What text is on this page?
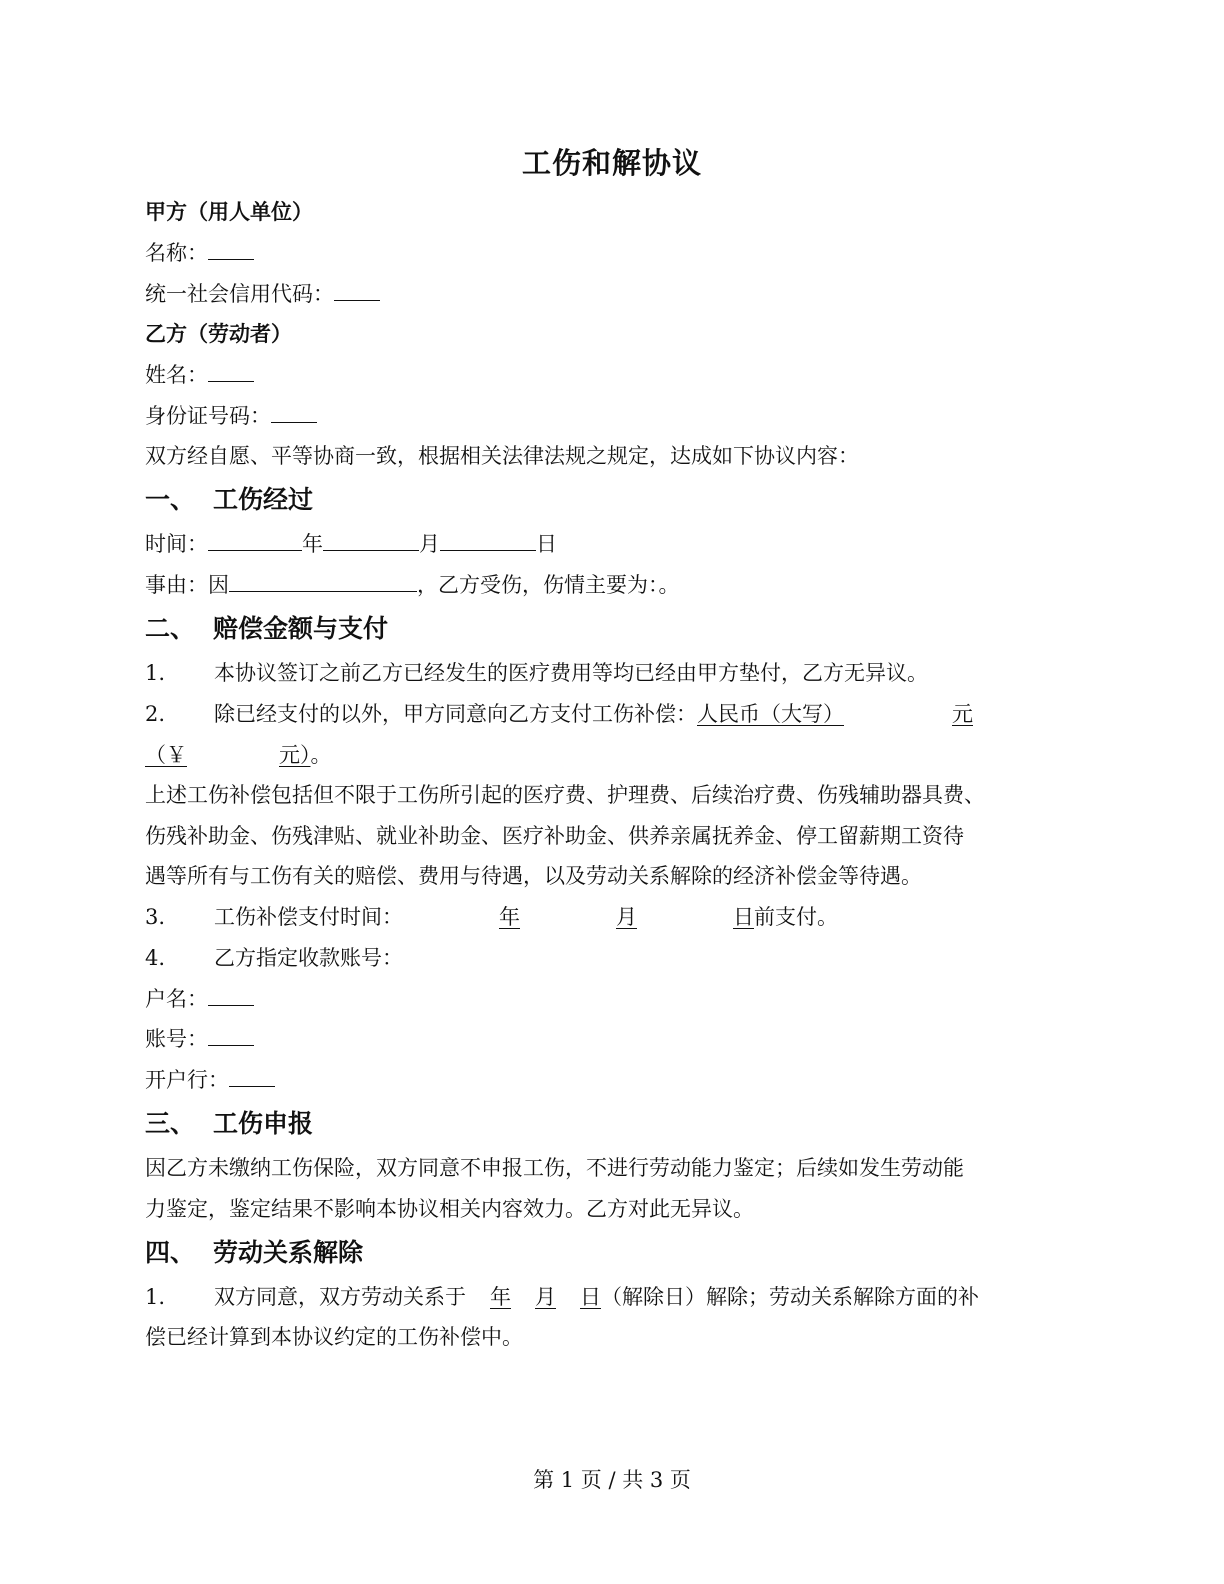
工伤和解协议
甲方（用人单位）
名称：
统一社会信用代码：
乙方（劳动者）
姓名：
身份证号码：
双方经自愿、平等协商一致，根据相关法律法规之规定，达成如下协议内容：
一、 工伤经过
时间：	年	月	日
事由：因	，乙方受伤，伤情主要为：。
二、 赔偿金额与支付
1. 本协议签订之前乙方已经发生的医疗费用等均已经由甲方垫付，乙方无异议。
2. 除已经支付的以外，甲方同意向乙方支付工伤补偿：人民币（大写）	元
（￥	元）。
上述工伤补偿包括但不限于工伤所引起的医疗费、护理费、后续治疗费、伤残辅助器具费、
伤残补助金、伤残津贴、就业补助金、医疗补助金、供养亲属抚养金、停工留薪期工资待
遇等所有与工伤有关的赔偿、费用与待遇，以及劳动关系解除的经济补偿金等待遇。
3. 工伤补偿支付时间：	年	月	日前支付。
4. 乙方指定收款账号：
户名：
账号：
开户行：
三、 工伤申报
因乙方未缴纳工伤保险，双方同意不申报工伤，不进行劳动能力鉴定；后续如发生劳动能
力鉴定，鉴定结果不影响本协议相关内容效力。乙方对此无异议。
四、 劳动关系解除
1. 双方同意，双方劳动关系于 年 月 日（解除日）解除；劳动关系解除方面的补
偿已经计算到本协议约定的工伤补偿中。
第 1 页 / 共 3 页
